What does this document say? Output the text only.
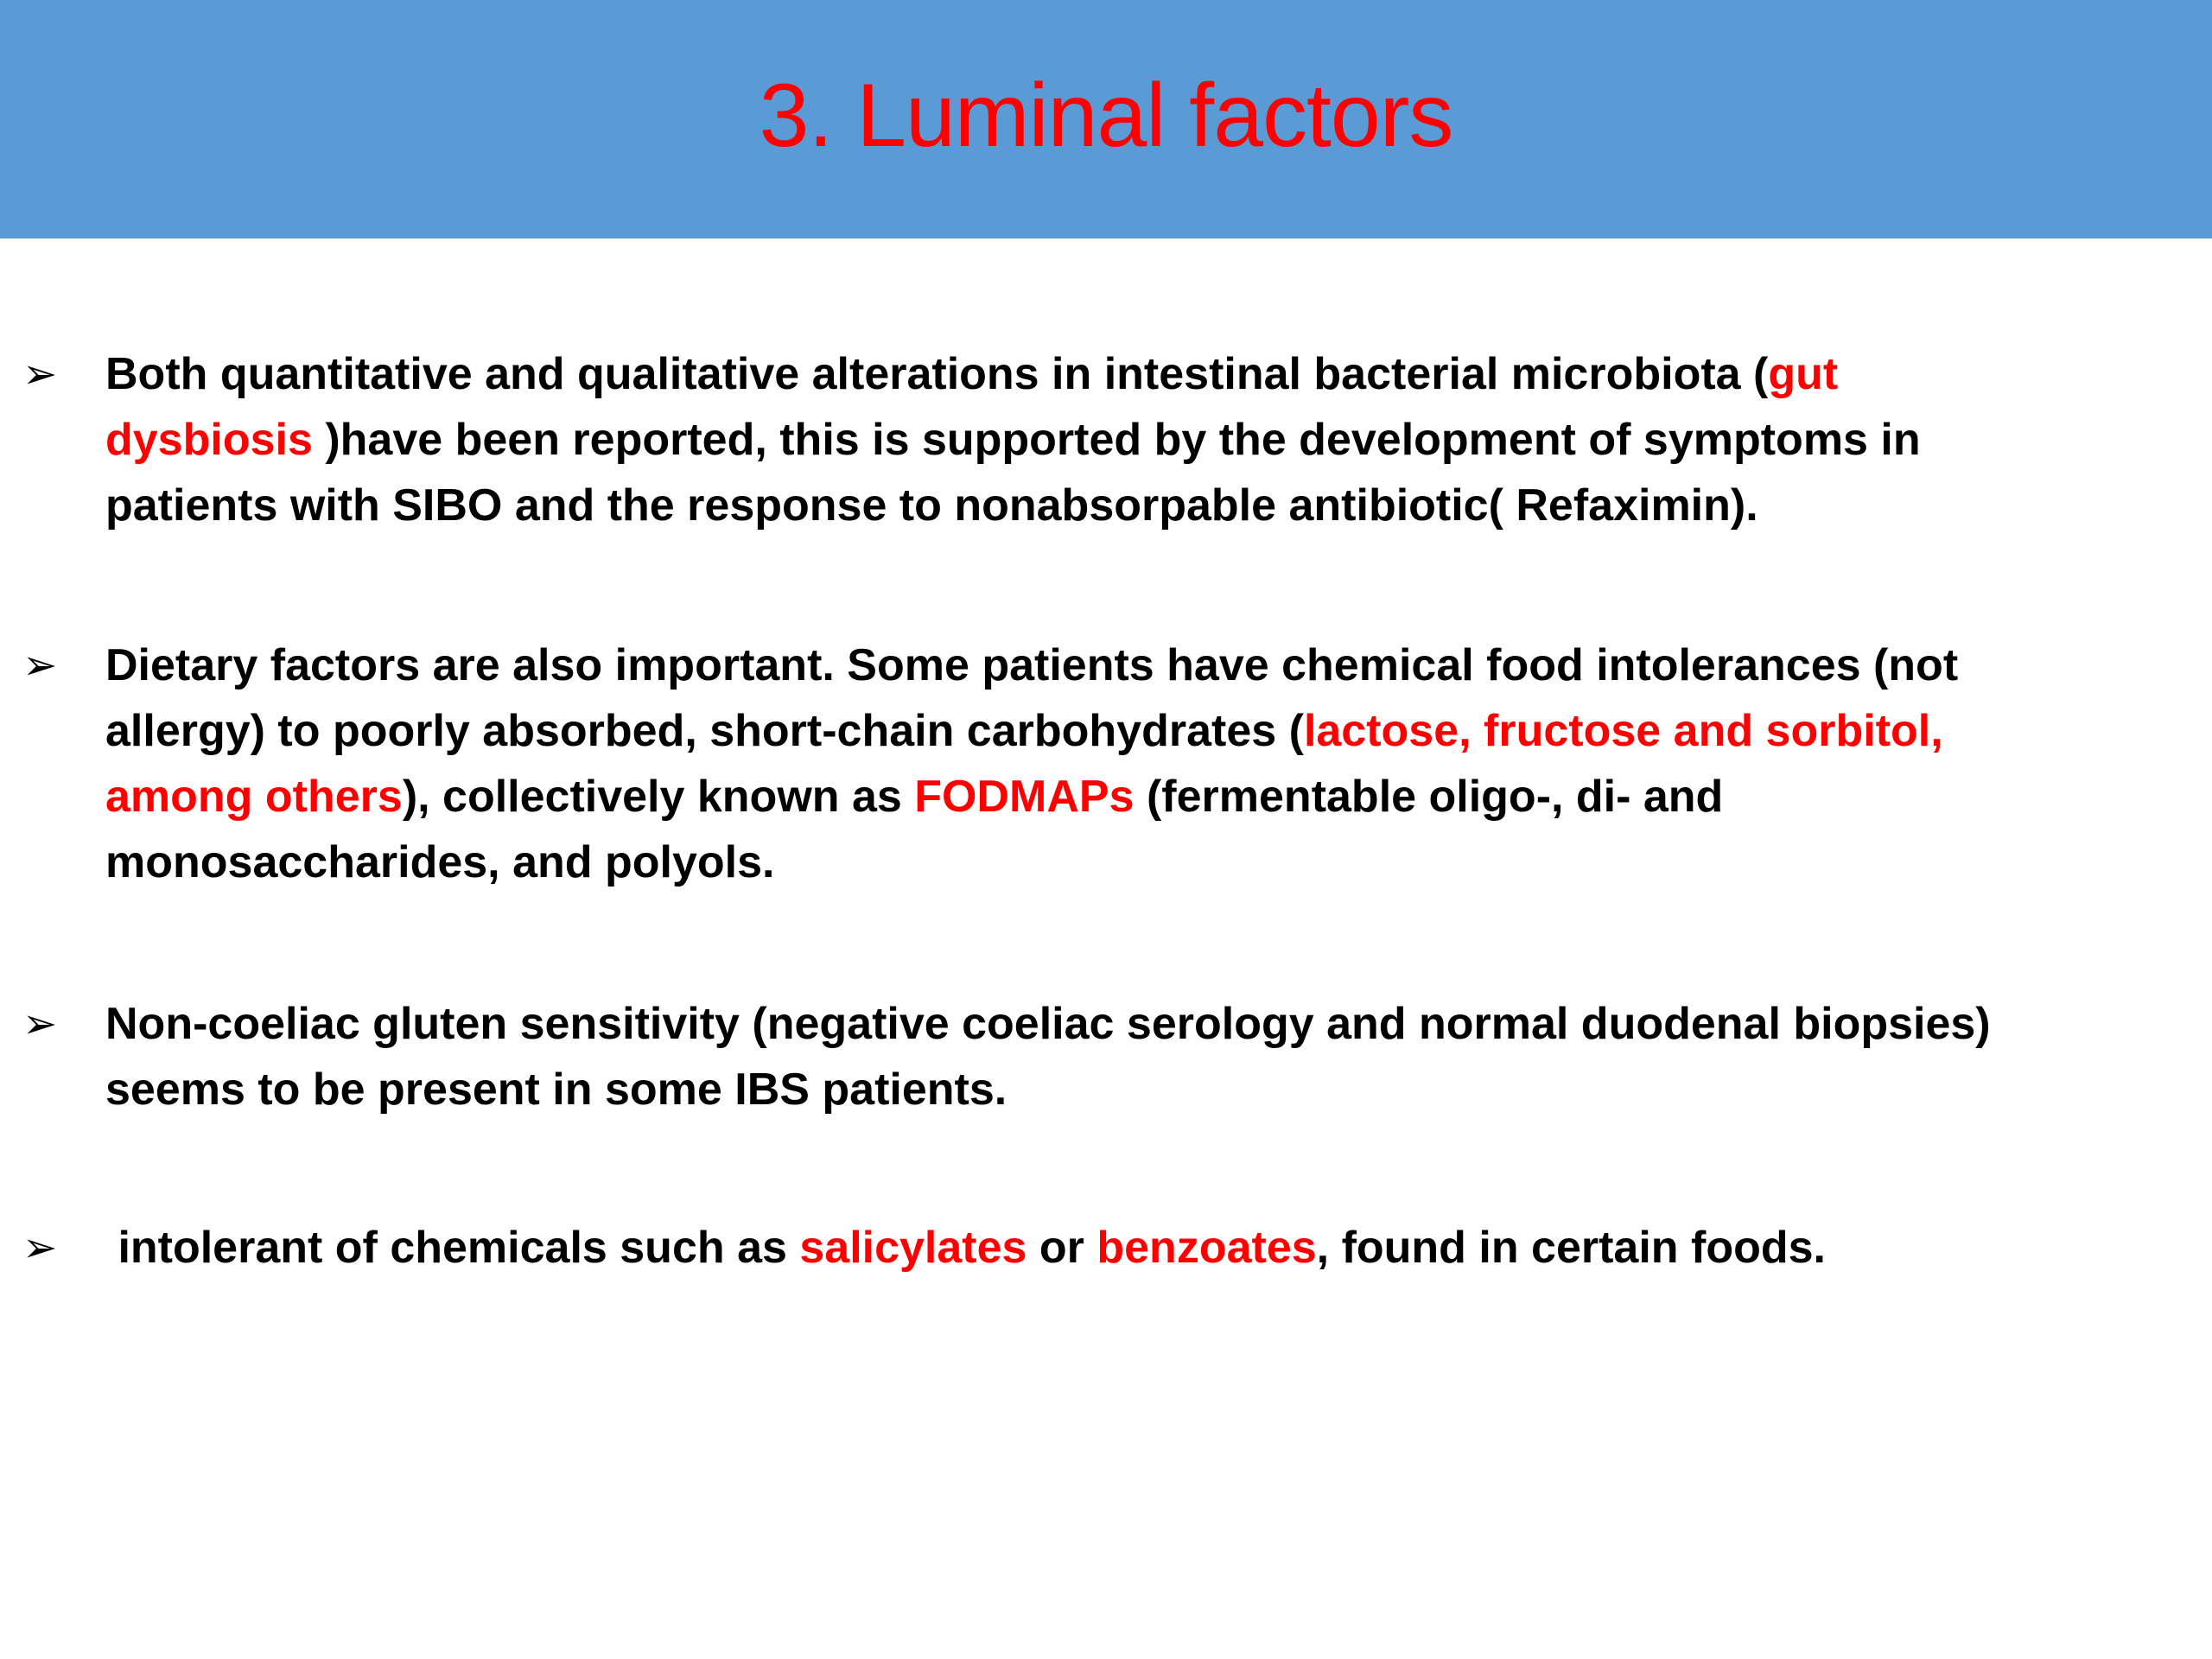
3. Luminal factors
➢ Both quantitative and qualitative alterations in intestinal bacterial microbiota (gut
dysbiosis )have been reported, this is supported by the development of symptoms in
patients with SIBO and the response to nonabsorpable antibiotic( Refaximin).
➢ Dietary factors are also important. Some patients have chemical food intolerances (not
allergy) to poorly absorbed, short-chain carbohydrates (lactose, fructose and sorbitol,
among others), collectively known as FODMAPs (fermentable oligo-, di- and
monosaccharides, and polyols.
➢ Non-coeliac gluten sensitivity (negative coeliac serology and normal duodenal biopsies)
seems to be present in some IBS patients.
➢ intolerant of chemicals such as salicylates or benzoates, found in certain foods.
